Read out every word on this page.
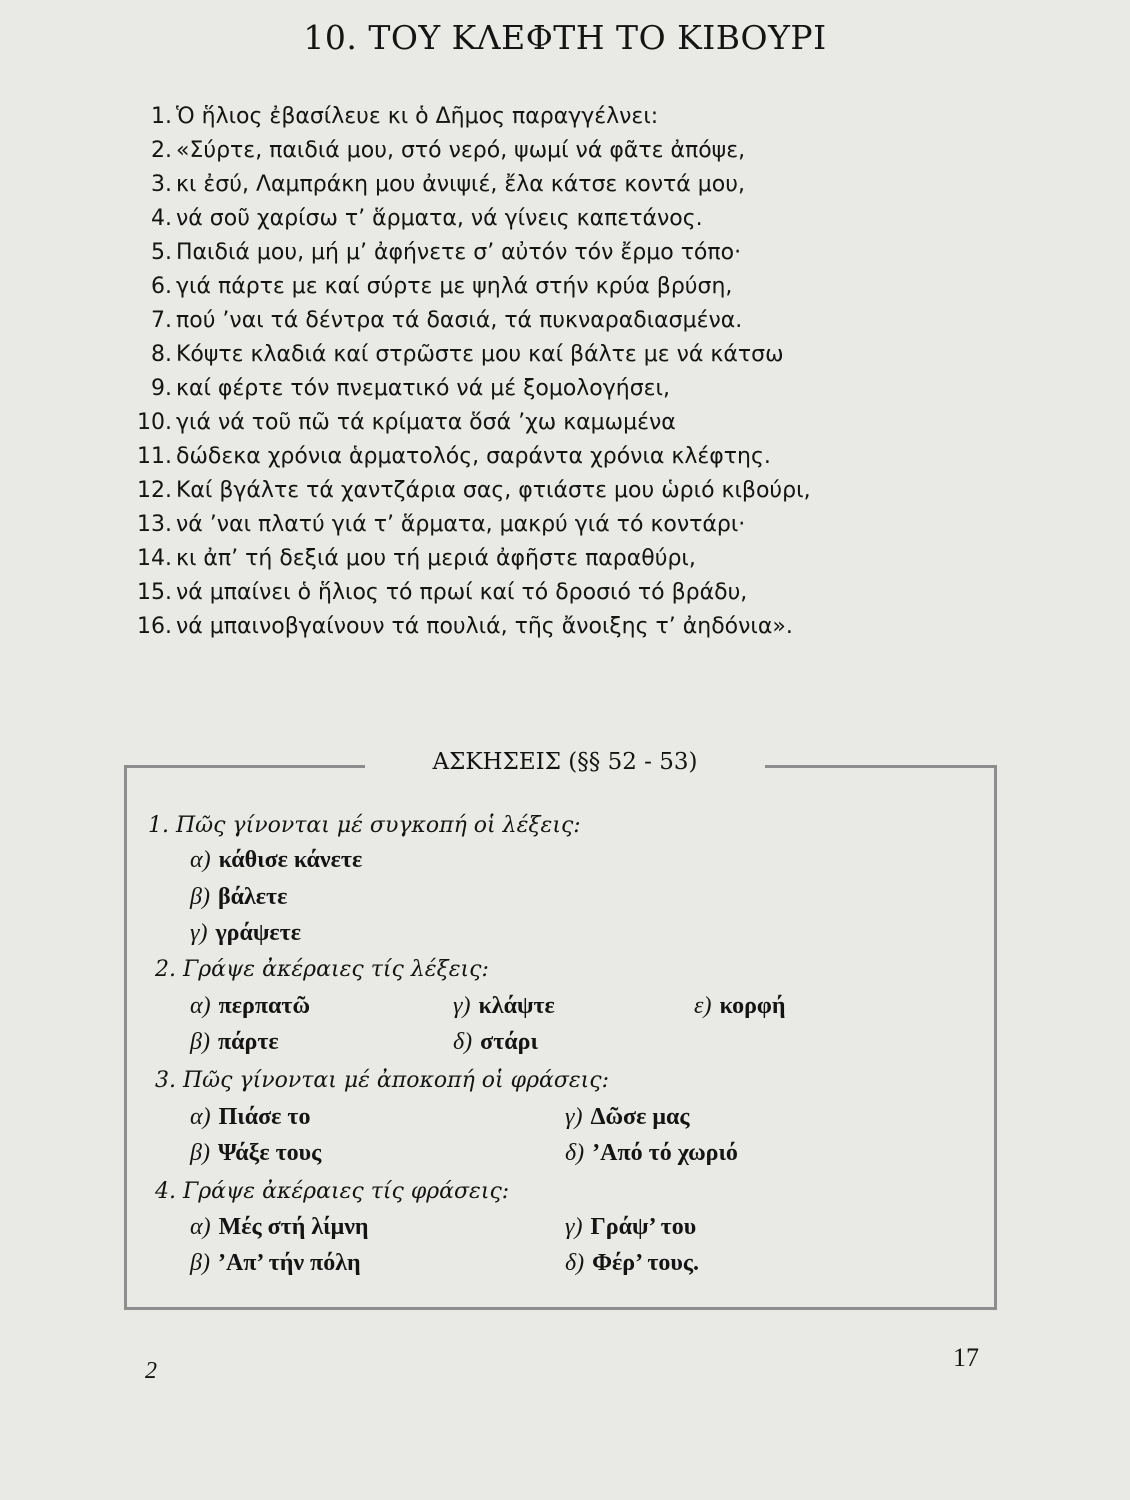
10. ΤΟΥ ΚΛΕΦΤΗ ΤΟ ΚΙΒΟΥΡΙ
1. Ὁ ἥλιος ἐβασίλευε κι ὁ Δῆμος παραγγέλνει:
2. «Σύρτε, παιδιά μου, στό νερό, ψωμί νά φᾶτε ἀπόψε,
3. κι ἐσύ, Λαμπράκη μου ἀνιψιέ, ἔλα κάτσε κοντά μου,
4. νά σοῦ χαρίσω τ’ ἅρματα, νά γίνεις καπετάνος.
5. Παιδιά μου, μή μ’ ἀφήνετε σ’ αὐτόν τόν ἔρμο τόπο·
6. γιά πάρτε με καί σύρτε με ψηλά στήν κρύα βρύση,
7. πού ’ναι τά δέντρα τά δασιά, τά πυκναραδιασμένα.
8. Κόψτε κλαδιά καί στρῶστε μου καί βάλτε με νά κάτσω
9. καί φέρτε τόν πνεματικό νά μέ ξομολογήσει,
10. γιά νά τοῦ πῶ τά κρίματα ὅσά ’χω καμωμένα
11. δώδεκα χρόνια ἁρματολός, σαράντα χρόνια κλέφτης.
12. Καί βγάλτε τά χαντζάρια σας, φτιάστε μου ὡριό κιβούρι,
13. νά ’ναι πλατύ γιά τ’ ἅρματα, μακρύ γιά τό κοντάρι·
14. κι ἀπ’ τή δεξιά μου τή μεριά ἀφῆστε παραθύρι,
15. νά μπαίνει ὁ ἥλιος τό πρωί καί τό δροσιό τό βράδυ,
16. νά μπαινοβγαίνουν τά πουλιά, τῆς ἄνοιξης τ’ ἀηδόνια».
ΑΣΚΗΣΕΙΣ (§§ 52 - 53)
1. Πῶς γίνονται μέ συγκοπή οἱ λέξεις:
α) κάθισε κάνετε
β) βάλετε
γ) γράψετε
2. Γράψε ἀκέραιες τίς λέξεις:
α) περπατῶ	γ) κλάψτε	ε) κορφή
β) πάρτε	δ) στάρι
3. Πῶς γίνονται μέ ἀποκοπή οἱ φράσεις:
α) Πιάσε το	γ) Δῶσε μας
β) Ψάξε τους	δ) ’Από τό χωριό
4. Γράψε ἀκέραιες τίς φράσεις:
α) Μές στή λίμνη	γ) Γράψ’ του
β) ’Απ’ τήν πόλη	δ) Φέρ’ τους.
2	17
